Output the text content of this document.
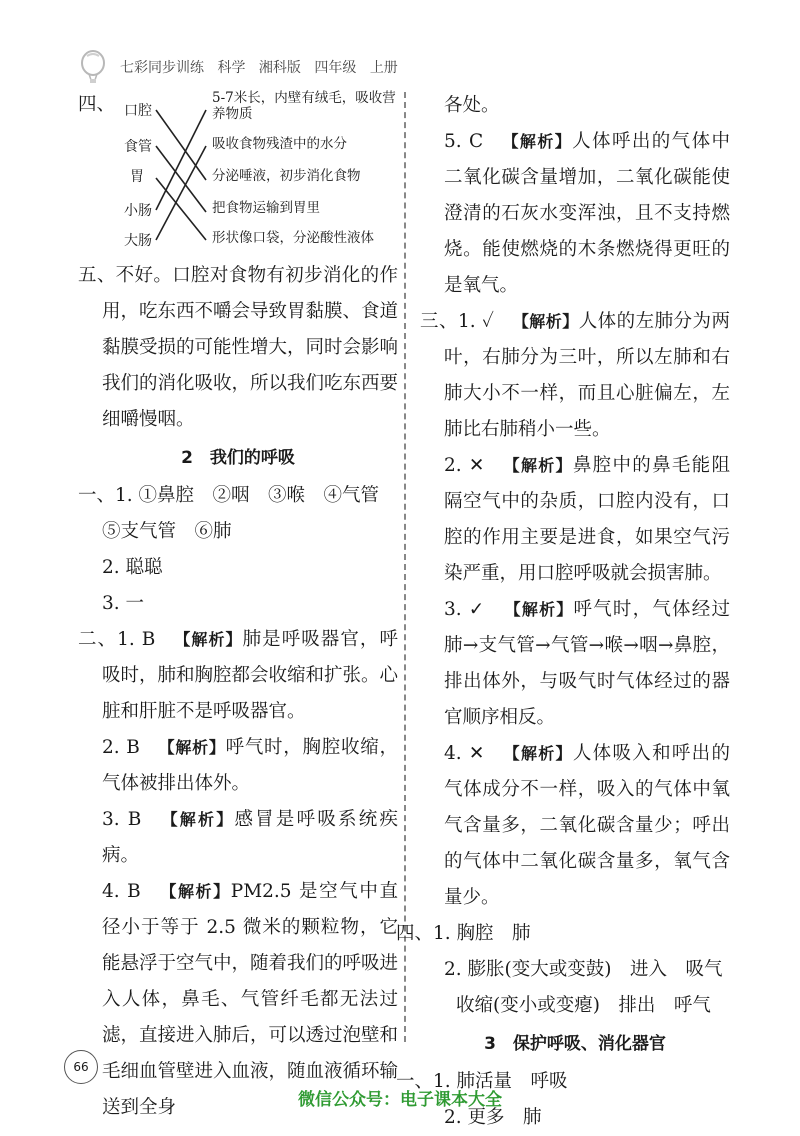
七彩同步训练 科学 湘科版 四年级 上册
四、 口腔
食管
胃
小肠
大肠
5-7米长，内壁有绒毛，吸收营养物质
吸收食物残渣中的水分
分泌唾液，初步消化食物
把食物运输到胃里
形状像口袋，分泌酸性液体
五、不好。口腔对食物有初步消化的作用，吃东西不嚼会导致胃黏膜、食道黏膜受损的可能性增大，同时会影响我们的消化吸收，所以我们吃东西要细嚼慢咽。
2　我们的呼吸
一、1. ①鼻腔　②咽　③喉　④气管
⑤支气管　⑥肺
2. 聪聪
3. 一
二、1. B 【解析】肺是呼吸器官，呼吸时，肺和胸腔都会收缩和扩张。心脏和肝脏不是呼吸器官。
2. B 【解析】呼气时，胸腔收缩，气体被排出体外。
3. B 【解析】感冒是呼吸系统疾病。
4. B 【解析】PM2.5 是空气中直径小于等于 2.5 微米的颗粒物，它能悬浮于空气中，随着我们的呼吸进入人体，鼻毛、气管纤毛都无法过滤，直接进入肺后，可以透过泡壁和毛细血管壁进入血液，随血液循环输送到全身
各处。
5. C 【解析】人体呼出的气体中二氧化碳含量增加，二氧化碳能使澄清的石灰水变浑浊，且不支持燃烧。能使燃烧的木条燃烧得更旺的是氧气。
三、1. ✓ 【解析】人体的左肺分为两叶，右肺分为三叶，所以左肺和右肺大小不一样，而且心脏偏左，左肺比右肺稍小一些。
2. ✕ 【解析】鼻腔中的鼻毛能阻隔空气中的杂质，口腔内没有，口腔的作用主要是进食，如果空气污染严重，用口腔呼吸就会损害肺。
3. ✓ 【解析】呼气时，气体经过肺→支气管→气管→喉→咽→鼻腔，排出体外，与吸气时气体经过的器官顺序相反。
4. ✕ 【解析】人体吸入和呼出的气体成分不一样，吸入的气体中氧气含量多，二氧化碳含量少；呼出的气体中二氧化碳含量多，氧气含量少。
四、1. 胸腔　肺
2. 膨胀(变大或变鼓)　进入　吸气
收缩(变小或变瘪)　排出　呼气
3　保护呼吸、消化器官
一、1. 肺活量　呼吸
2. 更多　肺
66
微信公众号：电子课本大全
